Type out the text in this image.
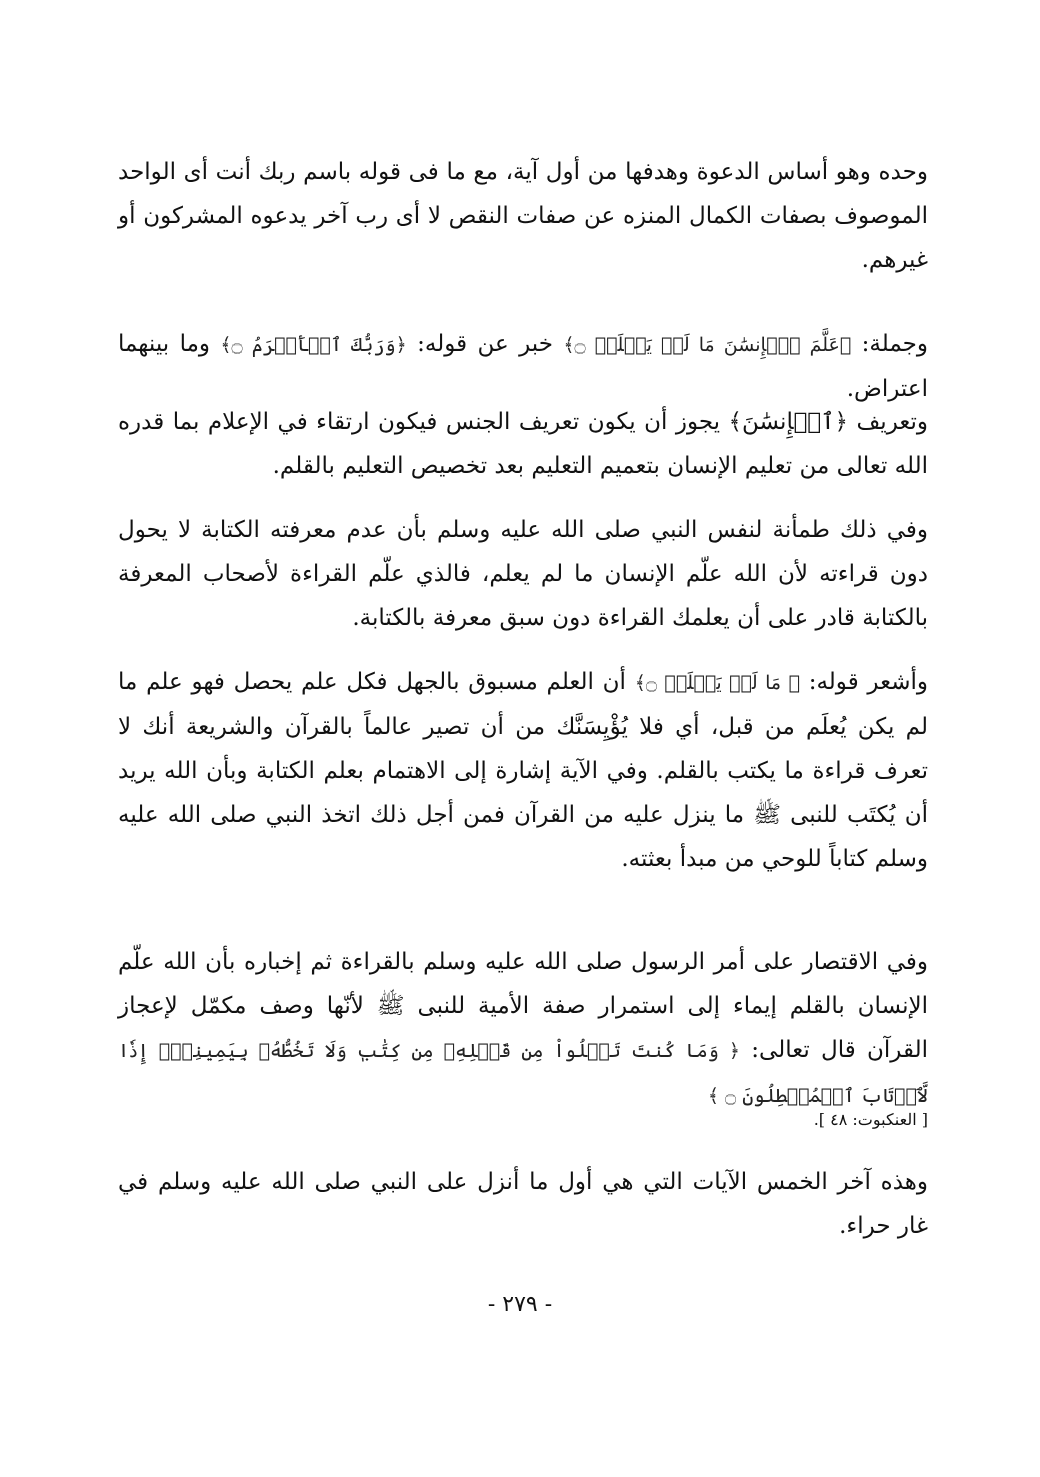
وحده وهو أساس الدعوة وهدفها من أول آية، مع ما فى قوله باسم ربك أنت أى الواحد الموصوف بصفات الكمال المنزه عن صفات النقص لا أى رب آخر يدعوه المشركون أو غيرهم.

وجملة: ﴿عَلَّمَ ٱلۡإِنسَٰنَ مَا لَمۡ يَعۡلَمۡ ۝﴾ خبر عن قوله: ﴿وَرَبُّكَ ٱلۡأَكۡرَمُ ۝﴾ وما بينهما اعتراض.

وتعريف ﴿ٱلۡإِنسَٰنَ﴾ يجوز أن يكون تعريف الجنس فيكون ارتقاء في الإعلام بما قدره الله تعالى من تعليم الإنسان بتعميم التعليم بعد تخصيص التعليم بالقلم.

وفي ذلك طمأنة لنفس النبي صلى الله عليه وسلم بأن عدم معرفته الكتابة لا يحول دون قراءته لأن الله علّم الإنسان ما لم يعلم، فالذي علّم القراءة لأصحاب المعرفة بالكتابة قادر على أن يعلمك القراءة دون سبق معرفة بالكتابة.

وأشعر قوله: ﴿ مَا لَمۡ يَعۡلَمۡ ۝﴾ أن العلم مسبوق بالجهل فكل علم يحصل فهو علم ما لم يكن يُعلَم من قبل، أي فلا يُؤْيِسَنَّك من أن تصير عالماً بالقرآن والشريعة أنك لا تعرف قراءة ما يكتب بالقلم. وفي الآية إشارة إلى الاهتمام بعلم الكتابة وبأن الله يريد أن يُكتَب للنبى ﷺ ما ينزل عليه من القرآن فمن أجل ذلك اتخذ النبي صلى الله عليه وسلم كتاباً للوحي من مبدأ بعثته.

وفي الاقتصار على أمر الرسول صلى الله عليه وسلم بالقراءة ثم إخباره بأن الله علّم الإنسان بالقلم إيماء إلى استمرار صفة الأمية للنبى ﷺ لأنّها وصف مكمّل لإعجاز القرآن قال تعالى: ﴿ وَمَا كُنتَ تَتۡلُواْ مِن قَبۡلِهِۦ مِن كِتَٰبٖ وَلَا تَخُطُّهُۥ بِيَمِينِكَۖ إِذٗا لَّٱرۡتَابَ ٱلۡمُبۡطِلُونَ ۝ ﴾

[ العنكبوت: ٤٨ ].

وهذه آخر الخمس الآيات التي هي أول ما أنزل على النبي صلى الله عليه وسلم في غار حراء.

- ٢٧٩ -
